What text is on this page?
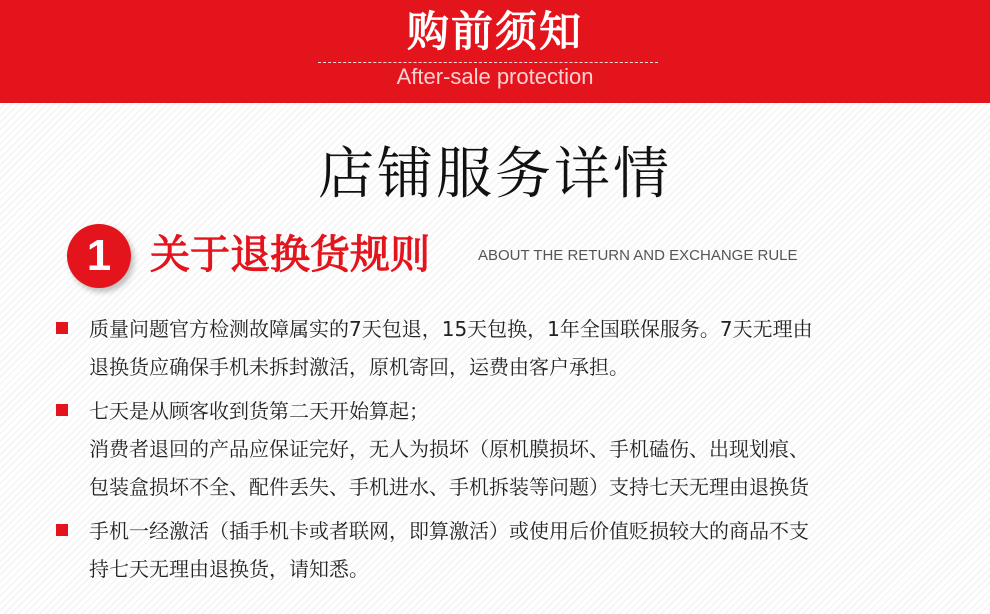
购前须知
After-sale protection
店铺服务详情
1 关于退换货规则	ABOUT THE RETURN AND EXCHANGE RULE
质量问题官方检测故障属实的7天包退，15天包换，1年全国联保服务。7天无理由
退换货应确保手机未拆封激活，原机寄回，运费由客户承担。
七天是从顾客收到货第二天开始算起；
消费者退回的产品应保证完好，无人为损坏（原机膜损坏、手机磕伤、出现划痕、
包装盒损坏不全、配件丢失、手机进水、手机拆装等问题）支持七天无理由退换货
手机一经激活（插手机卡或者联网，即算激活）或使用后价值贬损较大的商品不支
持七天无理由退换货，请知悉。
